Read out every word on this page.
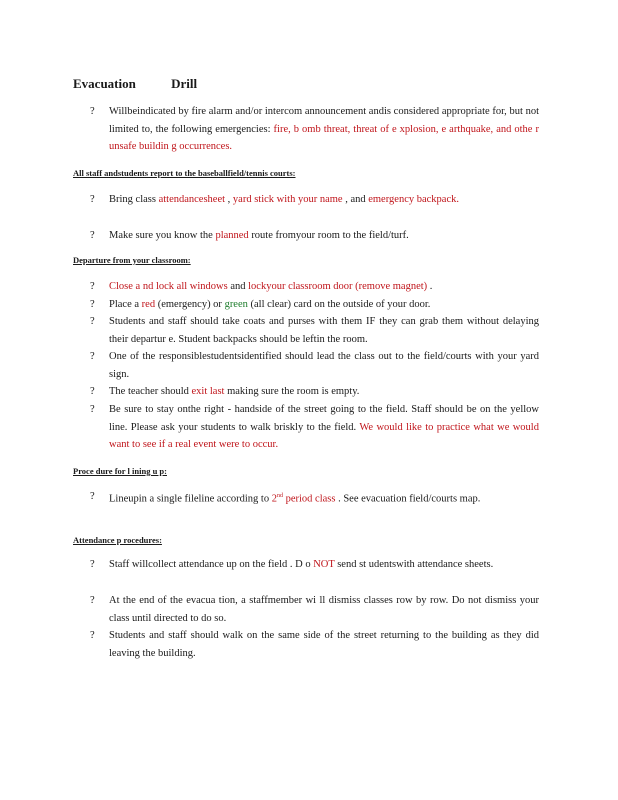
Evacuation	Drill
? Willbeindicated by fire alarm and/or intercom announcement andis considered appropriate for, but not limited to, the following emergencies: fire, b omb threat, threat of e xplosion, e arthquake, and othe r unsafe buildin g occurrences.
All staff andstudents report to the baseballfield/tennis courts:
? Bring class attendancesheet , yard stick with your name , and emergency backpack.
? Make sure you know the planned route fromyour room to the field/turf.
Departure from your classroom:
? Close a nd lock all windows and lockyour classroom door (remove magnet) .
? Place a red (emergency) or green (all clear) card on the outside of your door.
? Students and staff should take coats and purses with them IF they can grab them without delaying their departur e. Student backpacks should be leftin the room.
? One of the responsiblestudentsidentified should lead the class out to the field/courts with your yard sign.
? The teacher should exit last making sure the room is empty.
? Be sure to stay onthe right - handside of the street going to the field. Staff should be on the yellow line. Please ask your students to walk briskly to the field. We would like to practice what we would want to see if a real event were to occur.
Proce dure for l ining u p:
? Lineupin a single fileline according to 2nd period class . See evacuation field/courts map.
Attendance p rocedures:
? Staff willcollect attendance up on the field . D o NOT send st udentswith attendance sheets.
? At the end of the evacua tion, a staffmember wi ll dismiss classes row by row. Do not dismiss your class until directed to do so.
? Students and staff should walk on the same side of the street returning to the building as they did leaving the building.
